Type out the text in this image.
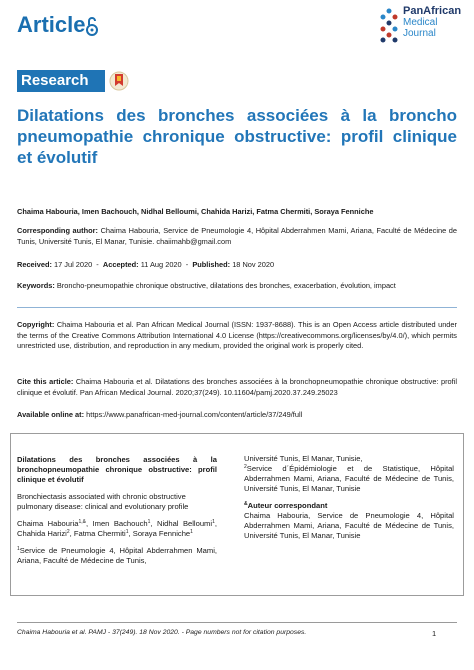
Article
PanAfrican
Medical
Journal
Research
Dilatations des bronches associées à la broncho pneumopathie chronique obstructive: profil clinique et évolutif
Chaima Habouria, Imen Bachouch, Nidhal Belloumi, Chahida Harizi, Fatma Chermiti, Soraya Fenniche
Corresponding author: Chaima Habouria, Service de Pneumologie 4, Hôpital Abderrahmen Mami, Ariana, Faculté de Médecine de Tunis, Université Tunis, El Manar, Tunisie. chaiimahb@gmail.com
Received: 17 Jul 2020  -  Accepted: 11 Aug 2020  -  Published: 18 Nov 2020
Keywords: Broncho-pneumopathie chronique obstructive, dilatations des bronches, exacerbation, évolution, impact
Copyright: Chaima Habouria et al. Pan African Medical Journal (ISSN: 1937-8688). This is an Open Access article distributed under the terms of the Creative Commons Attribution International 4.0 License (https://creativecommons.org/licenses/by/4.0/), which permits unrestricted use, distribution, and reproduction in any medium, provided the original work is properly cited.
Cite this article: Chaima Habouria et al. Dilatations des bronches associées à la bronchopneumopathie chronique obstructive: profil clinique et évolutif. Pan African Medical Journal. 2020;37(249). 10.11604/pamj.2020.37.249.25023
Available online at: https://www.panafrican-med-journal.com/content/article/37/249/full
Dilatations des bronches associées à la bronchopneumopathie chronique obstructive: profil clinique et évolutif
Bronchiectasis associated with chronic obstructive pulmonary disease: clinical and evolutionary profile
Chaima Habouria$^{1,\&}$, Imen Bachouch$^1$, Nidhal Belloumi$^1$, Chahida Harizi$^2$, Fatma Chermiti$^1$, Soraya Fenniche$^1$
$^1$Service de Pneumologie 4, Hôpital Abderrahmen Mami, Ariana, Faculté de Médecine de Tunis,
Université Tunis, El Manar, Tunisie,
$^2$Service d´Épidémiologie et de Statistique, Hôpital Abderrahmen Mami, Ariana, Faculté de Médecine de Tunis, Université Tunis, El Manar, Tunisie
&Auteur correspondant
Chaima Habouria, Service de Pneumologie 4, Hôpital Abderrahmen Mami, Ariana, Faculté de Médecine de Tunis, Université Tunis, El Manar, Tunisie
Chaima Habouria et al. PAMJ - 37(249). 18 Nov 2020. - Page numbers not for citation purposes.	1
